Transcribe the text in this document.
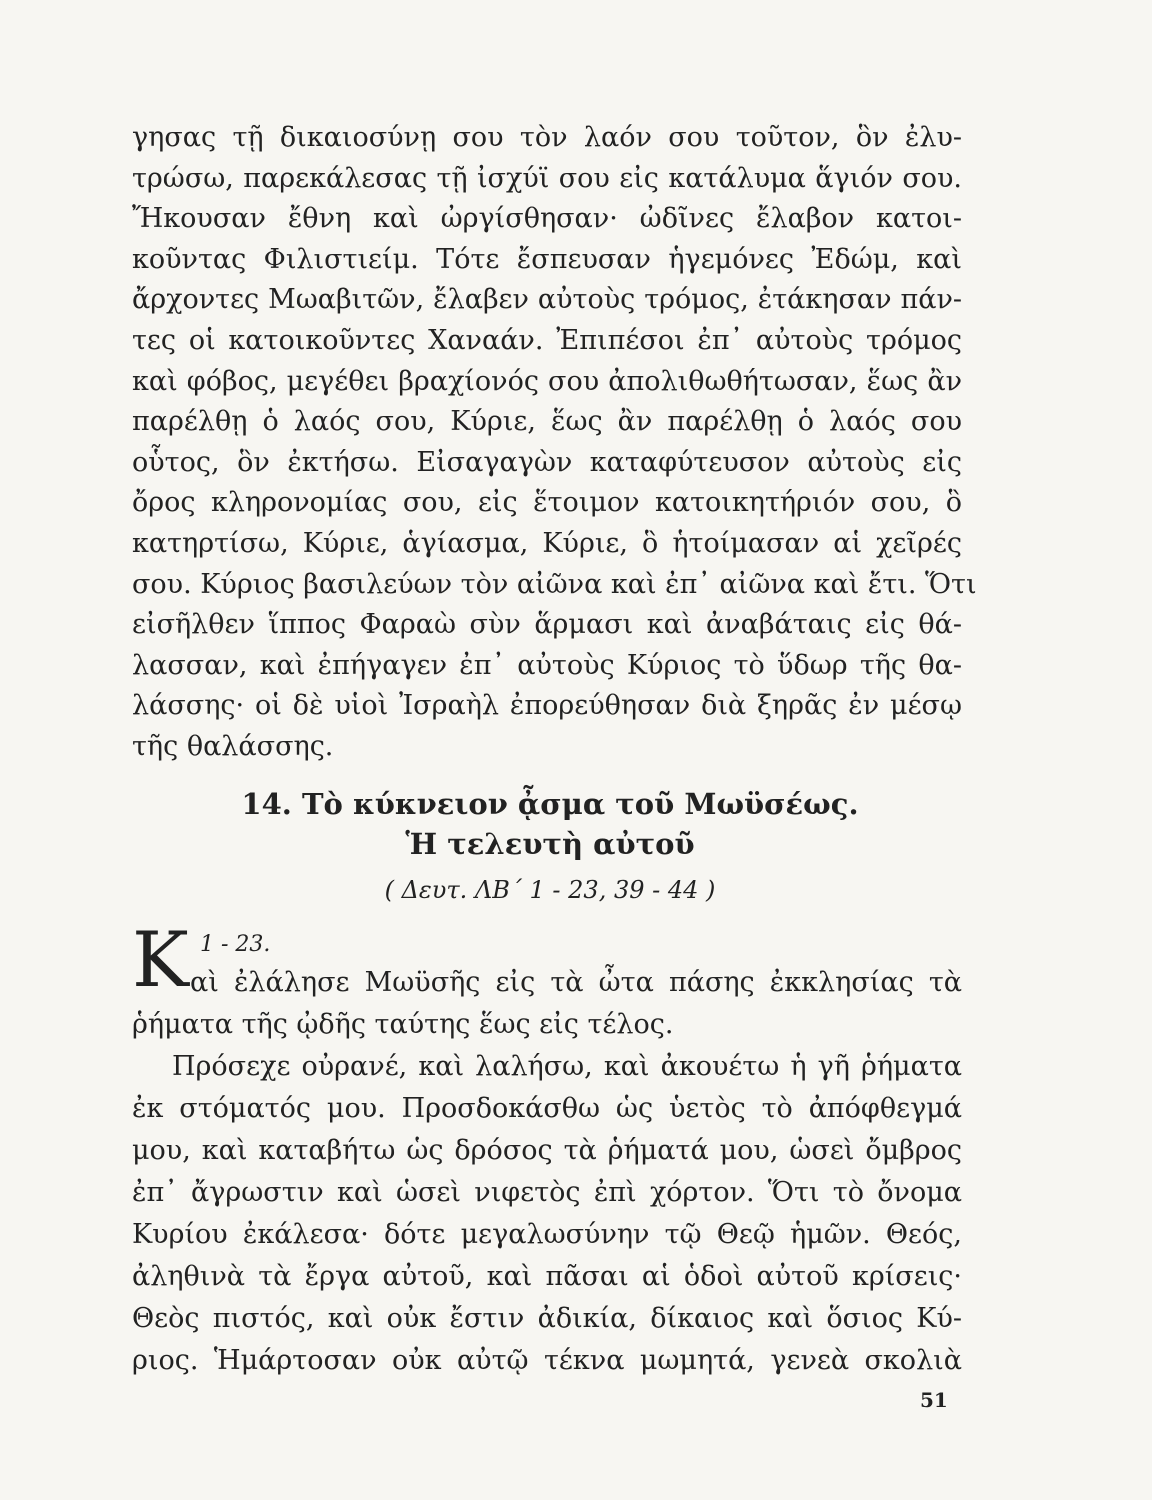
γησας τῇ δικαιοσύνῃ σου τὸν λαόν σου τοῦτον, ὃν ἐλυ-
τρώσω, παρεκάλεσας τῇ ἰσχύϊ σου εἰς κατάλυμα ἅγιόν σου.
Ἤκουσαν ἔθνη καὶ ὠργίσθησαν· ὠδῖνες ἔλαβον κατοι-
κοῦντας Φιλιστιείμ. Τότε ἔσπευσαν ἡγεμόνες Ἐδώμ, καὶ
ἄρχοντες Μωαβιτῶν, ἔλαβεν αὐτοὺς τρόμος, ἐτάκησαν πάν-
τες οἱ κατοικοῦντες Χαναάν. Ἐπιπέσοι ἐπ᾽ αὐτοὺς τρόμος
καὶ φόβος, μεγέθει βραχίονός σου ἀπολιθωθήτωσαν, ἕως ἂν
παρέλθῃ ὁ λαός σου, Κύριε, ἕως ἂν παρέλθῃ ὁ λαός σου
οὗτος, ὃν ἐκτήσω. Εἰσαγαγὼν καταφύτευσον αὐτοὺς εἰς
ὄρος κληρονομίας σου, εἰς ἕτοιμον κατοικητήριόν σου, ὃ
κατηρτίσω, Κύριε, ἁγίασμα, Κύριε, ὃ ἡτοίμασαν αἱ χεῖρές
σου. Κύριος βασιλεύων τὸν αἰῶνα καὶ ἐπ᾽ αἰῶνα καὶ ἔτι. Ὅτι
εἰσῆλθεν ἵππος Φαραὼ σὺν ἅρμασι καὶ ἀναβάταις εἰς θά-
λασσαν, καὶ ἐπήγαγεν ἐπ᾽ αὐτοὺς Κύριος τὸ ὕδωρ τῆς θα-
λάσσης· οἱ δὲ υἱοὶ Ἰσραὴλ ἐπορεύθησαν διὰ ξηρᾶς ἐν μέσῳ
τῆς θαλάσσης.
14. Τὸ κύκνειον ᾆσμα τοῦ Μωϋσέως.
Ἡ τελευτὴ αὐτοῦ
( Δευτ. ΛΒ΄ 1 - 23, 39 - 44 )
Κ 1 - 23.
αὶ ἐλάλησε Μωϋσῆς εἰς τὰ ὦτα πάσης ἐκκλησίας τὰ
ῥήματα τῆς ᾠδῆς ταύτης ἕως εἰς τέλος.
Πρόσεχε οὐρανέ, καὶ λαλήσω, καὶ ἀκουέτω ἡ γῆ ῥήματα
ἐκ στόματός μου. Προσδοκάσθω ὡς ὑετὸς τὸ ἀπόφθεγμά
μου, καὶ καταβήτω ὡς δρόσος τὰ ῥήματά μου, ὡσεὶ ὄμβρος
ἐπ᾽ ἄγρωστιν καὶ ὡσεὶ νιφετὸς ἐπὶ χόρτον. Ὅτι τὸ ὄνομα
Κυρίου ἐκάλεσα· δότε μεγαλωσύνην τῷ Θεῷ ἡμῶν. Θεός,
ἀληθινὰ τὰ ἔργα αὐτοῦ, καὶ πᾶσαι αἱ ὁδοὶ αὐτοῦ κρίσεις·
Θεὸς πιστός, καὶ οὐκ ἔστιν ἀδικία, δίκαιος καὶ ὅσιος Κύ-
ριος. Ἡμάρτοσαν οὐκ αὐτῷ τέκνα μωμητά, γενεὰ σκολιὰ
51
